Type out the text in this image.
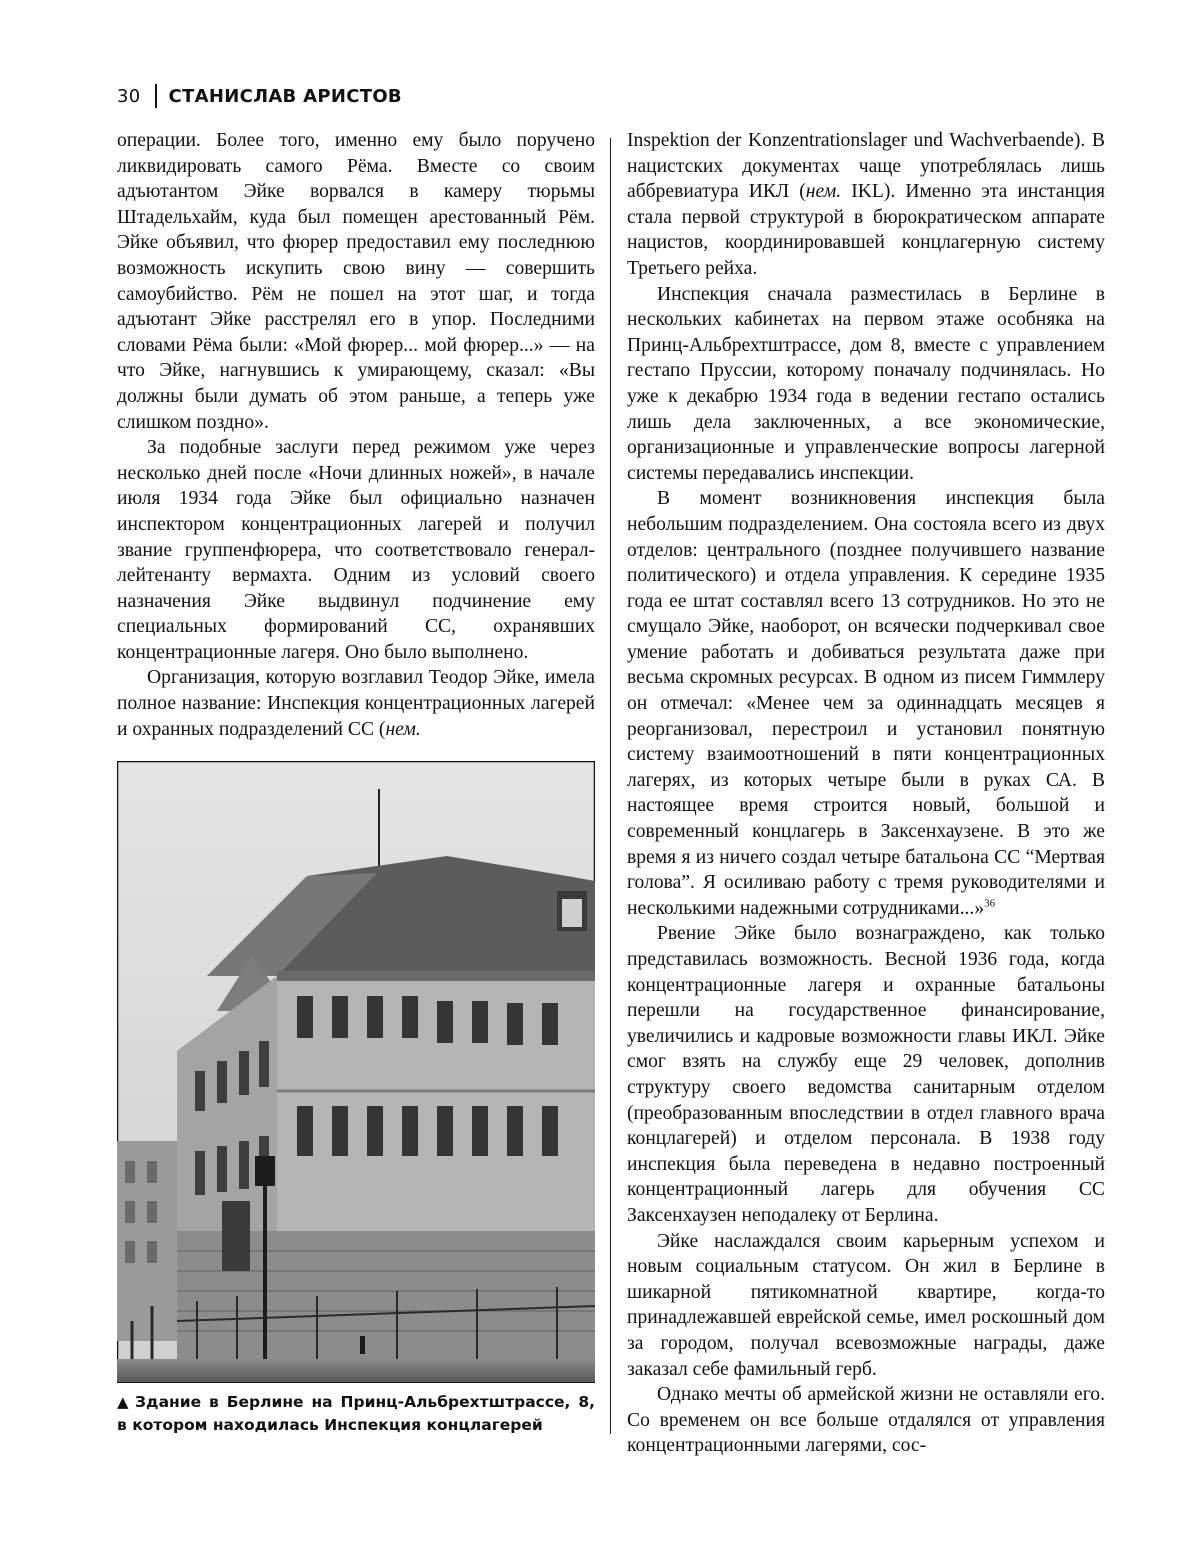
30 СТАНИСЛАВ АРИСТОВ

операции. Более того, именно ему было поручено ликвидировать самого Рёма. Вместе со своим адъютантом Эйке ворвался в камеру тюрьмы Штадельхайм, куда был помещен арестованный Рём. Эйке объявил, что фюрер предоставил ему последнюю возможность искупить свою вину — совершить самоубийство. Рём не пошел на этот шаг, и тогда адъютант Эйке расстрелял его в упор. Последними словами Рёма были: «Мой фюрер... мой фюрер...» — на что Эйке, нагнувшись к умирающему, сказал: «Вы должны были думать об этом раньше, а теперь уже слишком поздно».

За подобные заслуги перед режимом уже через несколько дней после «Ночи длинных ножей», в начале июля 1934 года Эйке был официально назначен инспектором концентрационных лагерей и получил звание группенфюрера, что соответствовало генерал-лейтенанту вермахта. Одним из условий своего назначения Эйке выдвинул подчинение ему специальных формирований СС, охранявших концентрационные лагеря. Оно было выполнено.

Организация, которую возглавил Теодор Эйке, имела полное название: Инспекция концентрационных лагерей и охранных подразделений СС (нем.

▲ Здание в Берлине на Принц-Альбрехтштрассе, 8, в котором находилась Инспекция концлагерей

Inspektion der Konzentrationslager und Wachverbaende). В нацистских документах чаще употреблялась лишь аббревиатура ИКЛ (нем. IKL). Именно эта инстанция стала первой структурой в бюрократическом аппарате нацистов, координировавшей концлагерную систему Третьего рейха.

Инспекция сначала разместилась в Берлине в нескольких кабинетах на первом этаже особняка на Принц-Альбрехтштрассе, дом 8, вместе с управлением гестапо Пруссии, которому поначалу подчинялась. Но уже к декабрю 1934 года в ведении гестапо остались лишь дела заключенных, а все экономические, организационные и управленческие вопросы лагерной системы передавались инспекции.

В момент возникновения инспекция была небольшим подразделением. Она состояла всего из двух отделов: центрального (позднее получившего название политического) и отдела управления. К середине 1935 года ее штат составлял всего 13 сотрудников. Но это не смущало Эйке, наоборот, он всячески подчеркивал свое умение работать и добиваться результата даже при весьма скромных ресурсах. В одном из писем Гиммлеру он отмечал: «Менее чем за одиннадцать месяцев я реорганизовал, перестроил и установил понятную систему взаимоотношений в пяти концентрационных лагерях, из которых четыре были в руках СА. В настоящее время строится новый, большой и современный концлагерь в Заксенхаузене. В это же время я из ничего создал четыре батальона СС “Мертвая голова”. Я осиливаю работу с тремя руководителями и несколькими надежными сотрудниками...»$^{36}$

Рвение Эйке было вознаграждено, как только представилась возможность. Весной 1936 года, когда концентрационные лагеря и охранные батальоны перешли на государственное финансирование, увеличились и кадровые возможности главы ИКЛ. Эйке смог взять на службу еще 29 человек, дополнив структуру своего ведомства санитарным отделом (преобразованным впоследствии в отдел главного врача концлагерей) и отделом персонала. В 1938 году инспекция была переведена в недавно построенный концентрационный лагерь для обучения СС Заксенхаузен неподалеку от Берлина.

Эйке наслаждался своим карьерным успехом и новым социальным статусом. Он жил в Берлине в шикарной пятикомнатной квартире, когда-то принадлежавшей еврейской семье, имел роскошный дом за городом, получал всевозможные награды, даже заказал себе фамильный герб.

Однако мечты об армейской жизни не оставляли его. Со временем он все больше отдалялся от управления концентрационными лагерями, сос-
